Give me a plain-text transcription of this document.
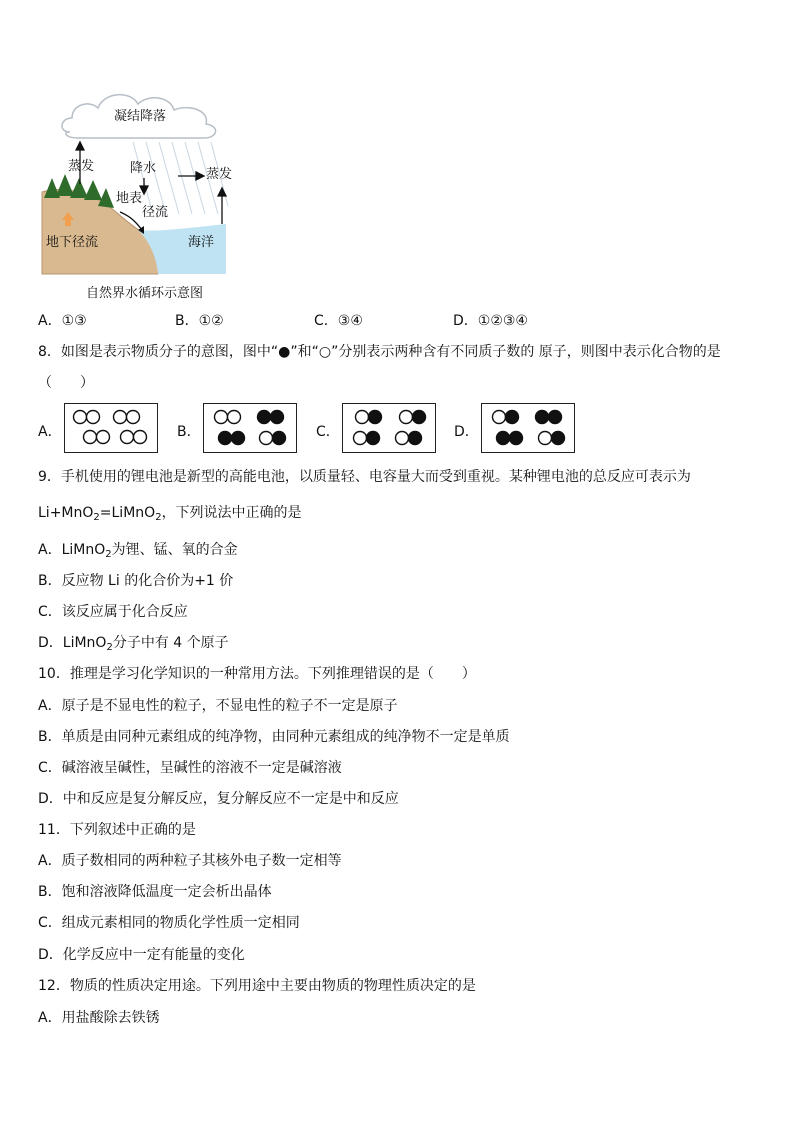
凝结降落
蒸发	降水	蒸发
地表
径流
地下径流	海洋
自然界水循环示意图
A．①③	B．①②	C．③④	D．①②③④
8．如图是表示物质分子的意图，图中“●”和“○”分别表示两种含有不同质子数的 原子，则图中表示化合物的是
（　　）
A．	B．	C．	D．
9．手机使用的锂电池是新型的高能电池，以质量轻、电容量大而受到重视。某种锂电池的总反应可表示为
Li+MnO$_2$=LiMnO$_2$，下列说法中正确的是
A．LiMnO$_2$为锂、锰、氧的合金
B．反应物 Li 的化合价为+1 价
C．该反应属于化合反应
D．LiMnO$_2$分子中有 4 个原子
10．推理是学习化学知识的一种常用方法。下列推理错误的是（　　）
A．原子是不显电性的粒子，不显电性的粒子不一定是原子
B．单质是由同种元素组成的纯净物，由同种元素组成的纯净物不一定是单质
C．碱溶液呈碱性，呈碱性的溶液不一定是碱溶液
D．中和反应是复分解反应，复分解反应不一定是中和反应
11．下列叙述中正确的是
A．质子数相同的两种粒子其核外电子数一定相等
B．饱和溶液降低温度一定会析出晶体
C．组成元素相同的物质化学性质一定相同
D．化学反应中一定有能量的变化
12．物质的性质决定用途。下列用途中主要由物质的物理性质决定的是
A．用盐酸除去铁锈
